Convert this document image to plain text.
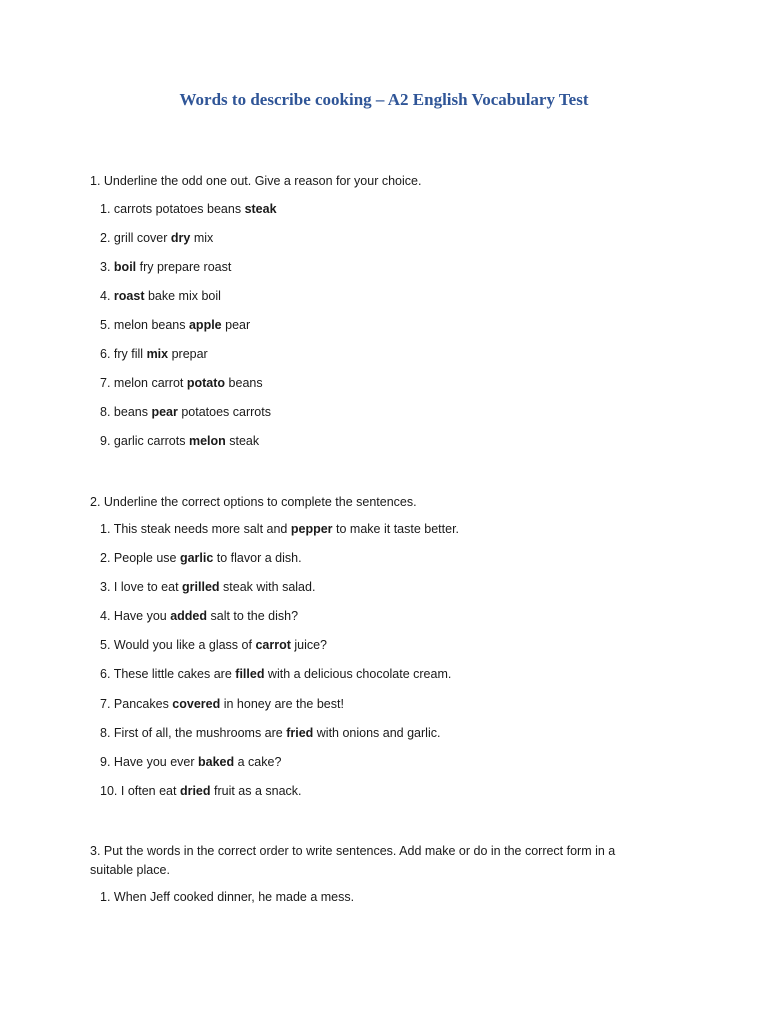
Words to describe cooking – A2 English Vocabulary Test
1. Underline the odd one out. Give a reason for your choice.
1. carrots potatoes beans steak
2. grill cover dry mix
3. boil fry prepare roast
4. roast bake mix boil
5. melon beans apple pear
6. fry fill mix prepar
7. melon carrot potato beans
8. beans pear potatoes carrots
9. garlic carrots melon steak
2. Underline the correct options to complete the sentences.
1. This steak needs more salt and pepper to make it taste better.
2. People use garlic to flavor a dish.
3. I love to eat grilled steak with salad.
4. Have you added salt to the dish?
5. Would you like a glass of carrot juice?
6. These little cakes are filled with a delicious chocolate cream.
7. Pancakes covered in honey are the best!
8. First of all, the mushrooms are fried with onions and garlic.
9. Have you ever baked a cake?
10. I often eat dried fruit as a snack.
3. Put the words in the correct order to write sentences. Add make or do in the correct form in a suitable place.
1. When Jeff cooked dinner, he made a mess.
